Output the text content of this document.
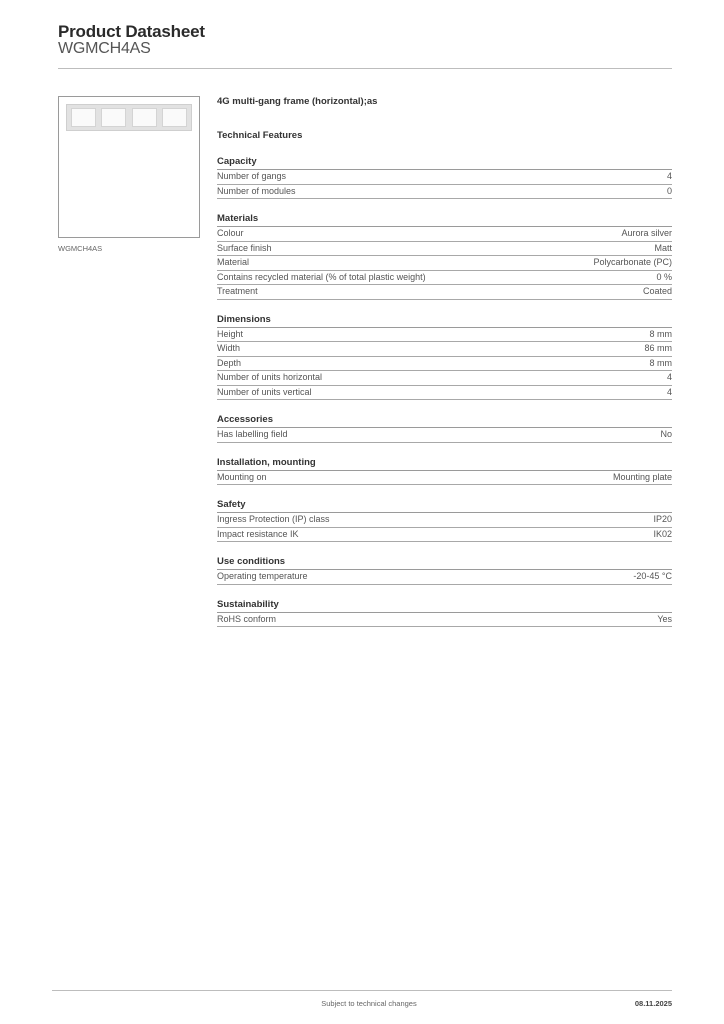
Product Datasheet
WGMCH4AS
WGMCH4AS
4G multi-gang frame (horizontal);as
Technical Features
Capacity
Number of gangs	4
Number of modules	0
Materials
Colour	Aurora silver
Surface finish	Matt
Material	Polycarbonate (PC)
Contains recycled material (% of total plastic weight)	0 %
Treatment	Coated
Dimensions
Height	8 mm
Width	86 mm
Depth	8 mm
Number of units horizontal	4
Number of units vertical	4
Accessories
Has labelling field	No
Installation, mounting
Mounting on	Mounting plate
Safety
Ingress Protection (IP) class	IP20
Impact resistance IK	IK02
Use conditions
Operating temperature	-20-45 °C
Sustainability
RoHS conform	Yes
Subject to technical changes	08.11.2025
